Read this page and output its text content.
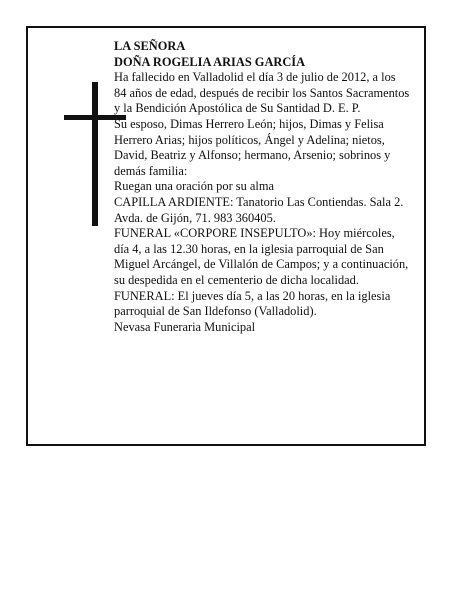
LA SEÑORA

DOÑA ROGELIA ARIAS GARCÍA

Ha fallecido en Valladolid el día 3 de julio de 2012, a los 84 años de edad, después de recibir los Santos Sacramentos y la Bendición Apostólica de Su Santidad D. E. P.

Su esposo, Dimas Herrero León; hijos, Dimas y Felisa Herrero Arias; hijos políticos, Ángel y Adelina; nietos, David, Beatriz y Alfonso; hermano, Arsenio; sobrinos y demás familia:

Ruegan una oración por su alma

CAPILLA ARDIENTE: Tanatorio Las Contiendas. Sala 2. Avda. de Gijón, 71. 983 360405.

FUNERAL «CORPORE INSEPULTO»: Hoy miércoles, día 4, a las 12.30 horas, en la iglesia parroquial de San Miguel Arcángel, de Villalón de Campos; y a continuación, su despedida en el cementerio de dicha localidad.

FUNERAL: El jueves día 5, a las 20 horas, en la iglesia parroquial de San Ildefonso (Valladolid).

Nevasa Funeraria Municipal
